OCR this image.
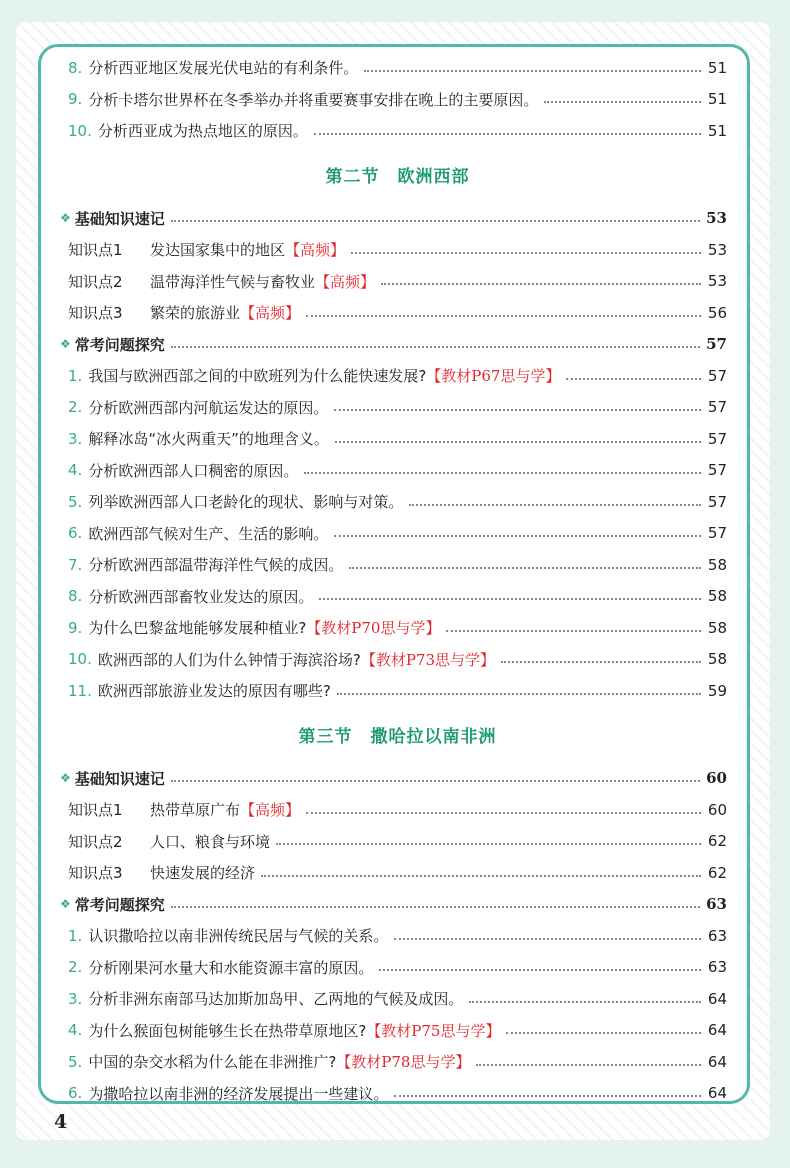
8. 分析西亚地区发展光伏电站的有利条件。	51
9. 分析卡塔尔世界杯在冬季举办并将重要赛事安排在晚上的主要原因。	51
10. 分析西亚成为热点地区的原因。	51
第二节　欧洲西部
❖ 基础知识速记	53
知识点1	发达国家集中的地区 【高频】	53
知识点2	温带海洋性气候与畜牧业 【高频】	53
知识点3	繁荣的旅游业 【高频】	56
❖ 常考问题探究	57
1. 我国与欧洲西部之间的中欧班列为什么能快速发展? 【教材P67思与学】	57
2. 分析欧洲西部内河航运发达的原因。	57
3. 解释冰岛“冰火两重天”的地理含义。	57
4. 分析欧洲西部人口稠密的原因。	57
5. 列举欧洲西部人口老龄化的现状、影响与对策。	57
6. 欧洲西部气候对生产、生活的影响。	57
7. 分析欧洲西部温带海洋性气候的成因。	58
8. 分析欧洲西部畜牧业发达的原因。	58
9. 为什么巴黎盆地能够发展种植业? 【教材P70思与学】	58
10. 欧洲西部的人们为什么钟情于海滨浴场? 【教材P73思与学】	58
11. 欧洲西部旅游业发达的原因有哪些?	59
第三节　撒哈拉以南非洲
❖ 基础知识速记	60
知识点1	热带草原广布 【高频】	60
知识点2	人口、粮食与环境	62
知识点3	快速发展的经济	62
❖ 常考问题探究	63
1. 认识撒哈拉以南非洲传统民居与气候的关系。	63
2. 分析刚果河水量大和水能资源丰富的原因。	63
3. 分析非洲东南部马达加斯加岛甲、乙两地的气候及成因。	64
4. 为什么猴面包树能够生长在热带草原地区? 【教材P75思与学】	64
5. 中国的杂交水稻为什么能在非洲推广? 【教材P78思与学】	64
6. 为撒哈拉以南非洲的经济发展提出一些建议。	64
4
